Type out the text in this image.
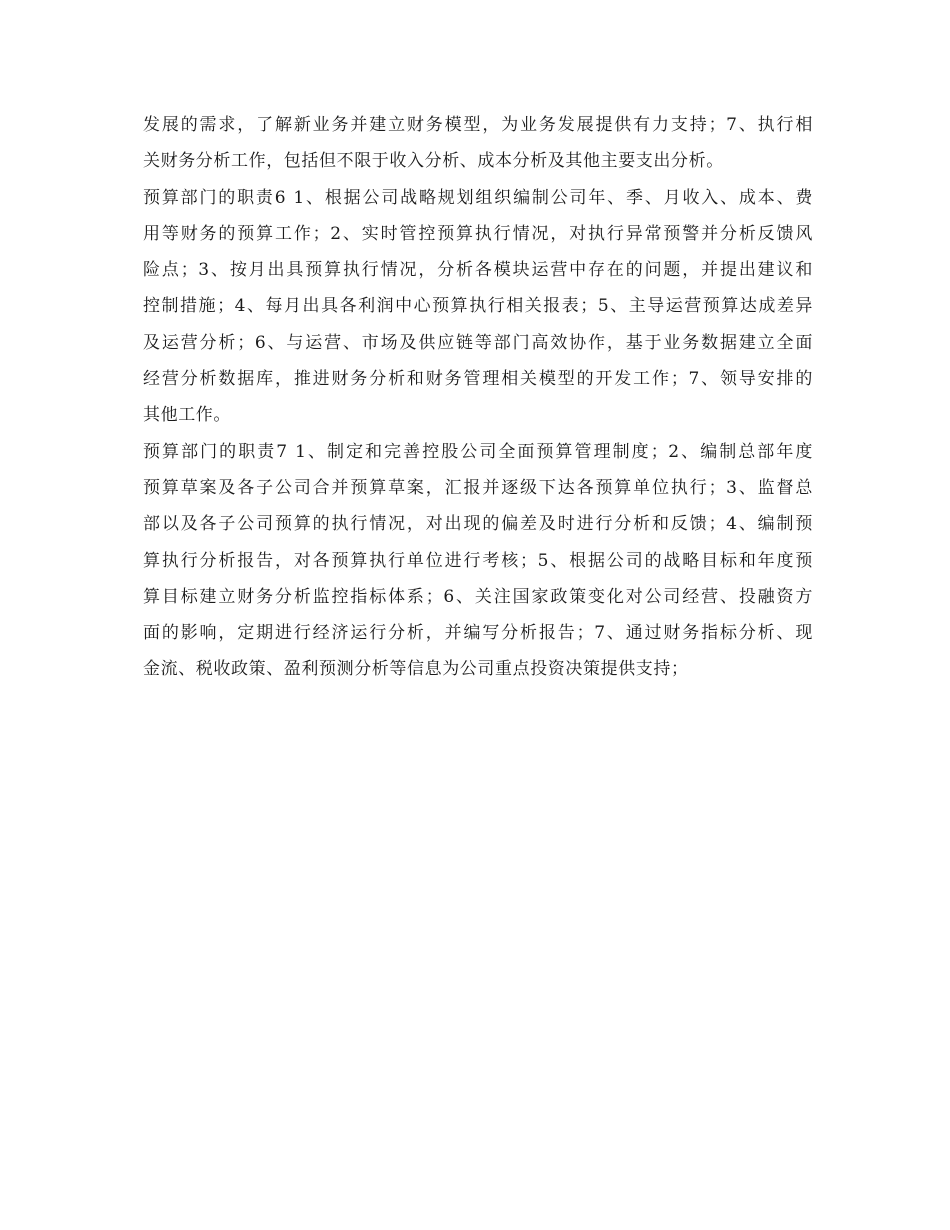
发展的需求，了解新业务并建立财务模型，为业务发展提供有力支持；7、执行相
关财务分析工作，包括但不限于收入分析、成本分析及其他主要支出分析。
预算部门的职责6 1、根据公司战略规划组织编制公司年、季、月收入、成本、费
用等财务的预算工作；2、实时管控预算执行情况，对执行异常预警并分析反馈风
险点；3、按月出具预算执行情况，分析各模块运营中存在的问题，并提出建议和
控制措施；4、每月出具各利润中心预算执行相关报表；5、主导运营预算达成差异
及运营分析；6、与运营、市场及供应链等部门高效协作，基于业务数据建立全面
经营分析数据库，推进财务分析和财务管理相关模型的开发工作；7、领导安排的
其他工作。
预算部门的职责7 1、制定和完善控股公司全面预算管理制度；2、编制总部年度
预算草案及各子公司合并预算草案，汇报并逐级下达各预算单位执行；3、监督总
部以及各子公司预算的执行情况，对出现的偏差及时进行分析和反馈；4、编制预
算执行分析报告，对各预算执行单位进行考核；5、根据公司的战略目标和年度预
算目标建立财务分析监控指标体系；6、关注国家政策变化对公司经营、投融资方
面的影响，定期进行经济运行分析，并编写分析报告；7、通过财务指标分析、现
金流、税收政策、盈利预测分析等信息为公司重点投资决策提供支持；
